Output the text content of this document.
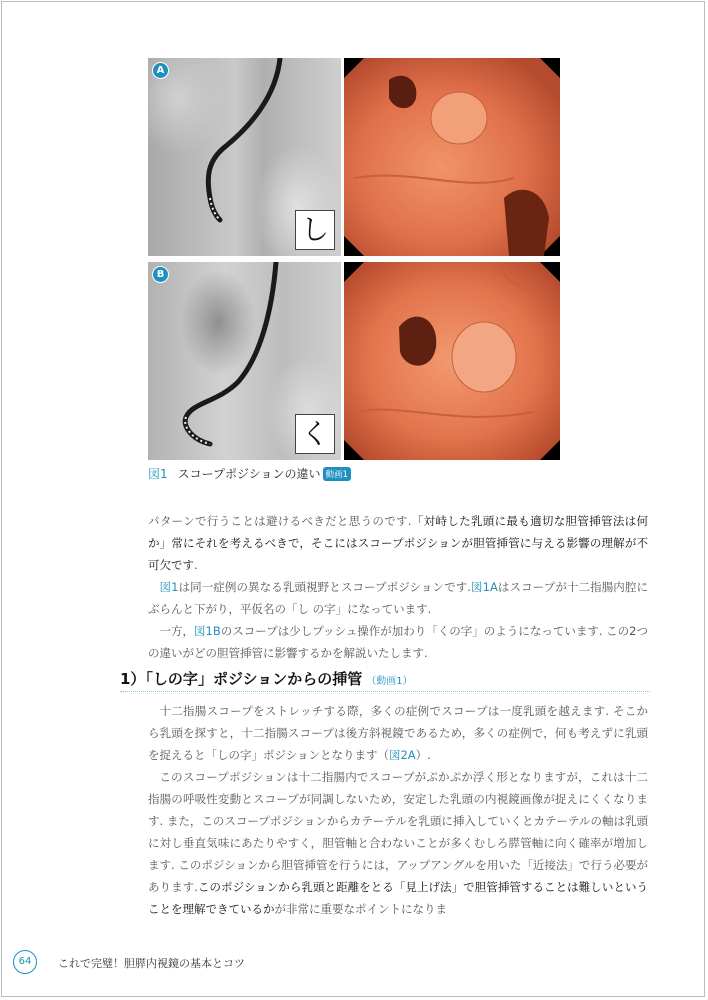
A
し
B
く
図1 スコープポジションの違い 動画1

パターンで行うことは避けるべきだと思うのです.「対峙した乳頭に最も適切な胆管挿管法は何か」常にそれを考えるべきで，そこにはスコープポジションが胆管挿管に与える影響の理解が不可欠です.

図1は同一症例の異なる乳頭視野とスコープポジションです.図1Aはスコープが十二指腸内腔にぶらんと下がり，平仮名の「し の字」になっています.

一方，図1Bのスコープは少しプッシュ操作が加わり「くの字」のようになっています. この2つの違いがどの胆管挿管に影響するかを解説いたします.

1）「しの字」ポジションからの挿管 （動画1）

十二指腸スコープをストレッチする際，多くの症例でスコープは一度乳頭を越えます. そこから乳頭を探すと，十二指腸スコープは後方斜視鏡であるため，多くの症例で，何も考えずに乳頭を捉えると「しの字」ポジションとなります（図2A）.

このスコープポジションは十二指腸内でスコープがぷかぷか浮く形となりますが，これは十二指腸の呼吸性変動とスコープが同調しないため，安定した乳頭の内視鏡画像が捉えにくくなります. また，このスコープポジションからカテーテルを乳頭に挿入していくとカテーテルの軸は乳頭に対し垂直気味にあたりやすく，胆管軸と合わないことが多くむしろ膵管軸に向く確率が増加します. このポジションから胆管挿管を行うには，アップアングルを用いた「近接法」で行う必要があります.このポジションから乳頭と距離をとる「見上げ法」で胆管挿管することは難しいということを理解できているかが非常に重要なポイントになりま

64	これで完璧！胆膵内視鏡の基本とコツ
